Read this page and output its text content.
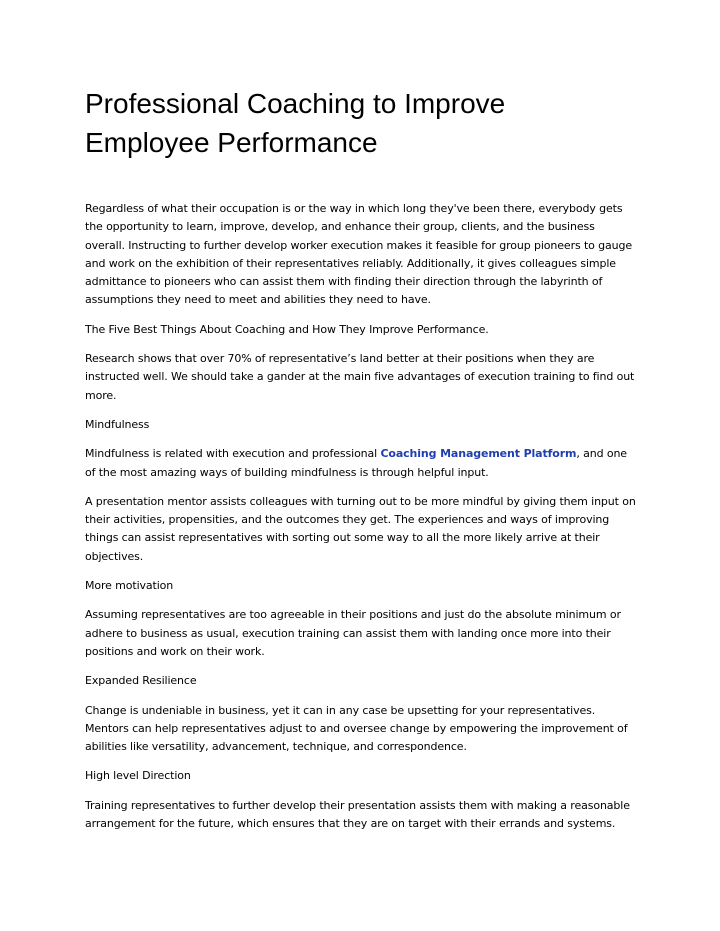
Professional Coaching to Improve Employee Performance

Regardless of what their occupation is or the way in which long they've been there, everybody gets the opportunity to learn, improve, develop, and enhance their group, clients, and the business overall. Instructing to further develop worker execution makes it feasible for group pioneers to gauge and work on the exhibition of their representatives reliably. Additionally, it gives colleagues simple admittance to pioneers who can assist them with finding their direction through the labyrinth of assumptions they need to meet and abilities they need to have.

The Five Best Things About Coaching and How They Improve Performance.

Research shows that over 70% of representative’s land better at their positions when they are instructed well. We should take a gander at the main five advantages of execution training to find out more.

Mindfulness

Mindfulness is related with execution and professional Coaching Management Platform, and one of the most amazing ways of building mindfulness is through helpful input.

A presentation mentor assists colleagues with turning out to be more mindful by giving them input on their activities, propensities, and the outcomes they get. The experiences and ways of improving things can assist representatives with sorting out some way to all the more likely arrive at their objectives.

More motivation

Assuming representatives are too agreeable in their positions and just do the absolute minimum or adhere to business as usual, execution training can assist them with landing once more into their positions and work on their work.

Expanded Resilience

Change is undeniable in business, yet it can in any case be upsetting for your representatives. Mentors can help representatives adjust to and oversee change by empowering the improvement of abilities like versatility, advancement, technique, and correspondence.

High level Direction

Training representatives to further develop their presentation assists them with making a reasonable arrangement for the future, which ensures that they are on target with their errands and systems.
